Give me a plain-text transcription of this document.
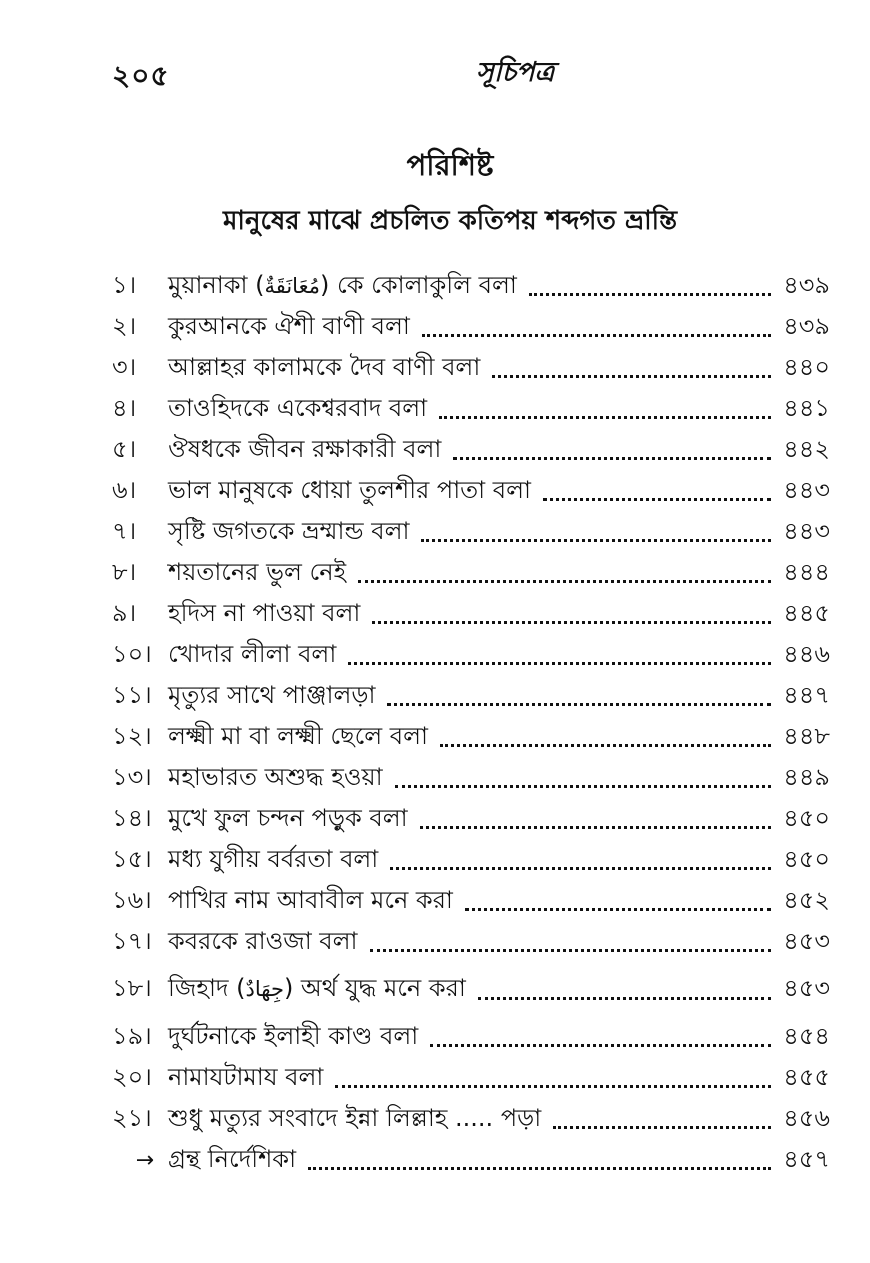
২০৫	সূচিপত্র
পরিশিষ্ট
মানুষের মাঝে প্রচলিত কতিপয় শব্দগত ভ্রান্তি
১।	মুয়ানাকা (مُعَانَقَةٌ) কে কোলাকুলি বলা	৪৩৯
২।	কুরআনকে ঐশী বাণী বলা	৪৩৯
৩।	আল্লাহর কালামকে দৈব বাণী বলা	৪৪০
৪।	তাওহিদকে একেশ্বরবাদ বলা	৪৪১
৫।	ঔষধকে জীবন রক্ষাকারী বলা	৪৪২
৬।	ভাল মানুষকে ধোয়া তুলশীর পাতা বলা	৪৪৩
৭।	সৃষ্টি জগতকে ভ্রম্মান্ড বলা	৪৪৩
৮।	শয়তানের ভুল নেই	৪৪৪
৯।	হদিস না পাওয়া বলা	৪৪৫
১০। খোদার লীলা বলা	৪৪৬
১১। মৃত্যুর সাথে পাঞ্জালড়া	৪৪৭
১২। লক্ষ্মী মা বা লক্ষ্মী ছেলে বলা	৪৪৮
১৩। মহাভারত অশুদ্ধ হওয়া	৪৪৯
১৪। মুখে ফুল চন্দন পড়ুক বলা	৪৫০
১৫। মধ্য যুগীয় বর্বরতা বলা	৪৫০
১৬। পাখির নাম আবাবীল মনে করা	৪৫২
১৭। কবরকে রাওজা বলা	৪৫৩
১৮। জিহাদ (جِهَادٌ) অর্থ যুদ্ধ মনে করা	৪৫৩
১৯। দুর্ঘটনাকে ইলাহী কাণ্ড বলা	৪৫৪
২০। নামাযটামায বলা	৪৫৫
২১। শুধু মত্যুর সংবাদে ইন্না লিল্লাহ ..... পড়া	৪৫৬
→ গ্রন্থ নির্দেশিকা	৪৫৭
